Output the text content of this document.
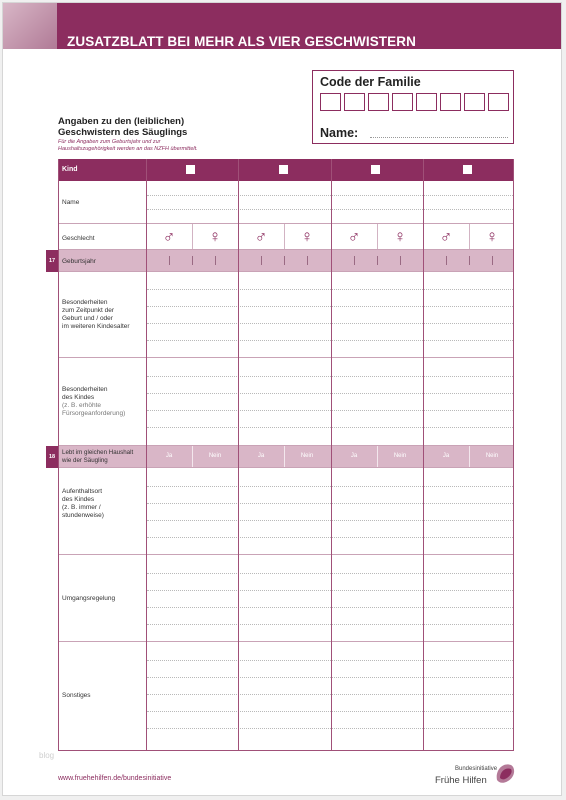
ZUSATZBLATT BEI MEHR ALS VIER GESCHWISTERN
Code der Familie
Name:
Angaben zu den (leiblichen)
Geschwistern des Säuglings
Für die Angaben zum Geburtsjahr und zur
Haushaltszugehörigkeit werden an das NZFH übermittelt.
Kind
Name
Geschlecht	♂	♀	♂	♀	♂	♀	♂	♀
Geburtsjahr
Besonderheiten
zum Zeitpunkt der
Geburt und / oder
im weiteren Kindesalter
Besonderheiten
des Kindes
(z. B. erhöhte
Fürsorgeanforderung)
Lebt im gleichen Haushalt
wie der Säugling
Ja	Nein	Ja	Nein	Ja	Nein	Ja	Nein
Aufenthaltsort
des Kindes
(z. B. immer /
stundenweise)
Umgangsregelung
Sonstiges
17
18
blog
www.fruehehilfen.de/bundesinitiative
Bundesinitiative
Frühe Hilfen
